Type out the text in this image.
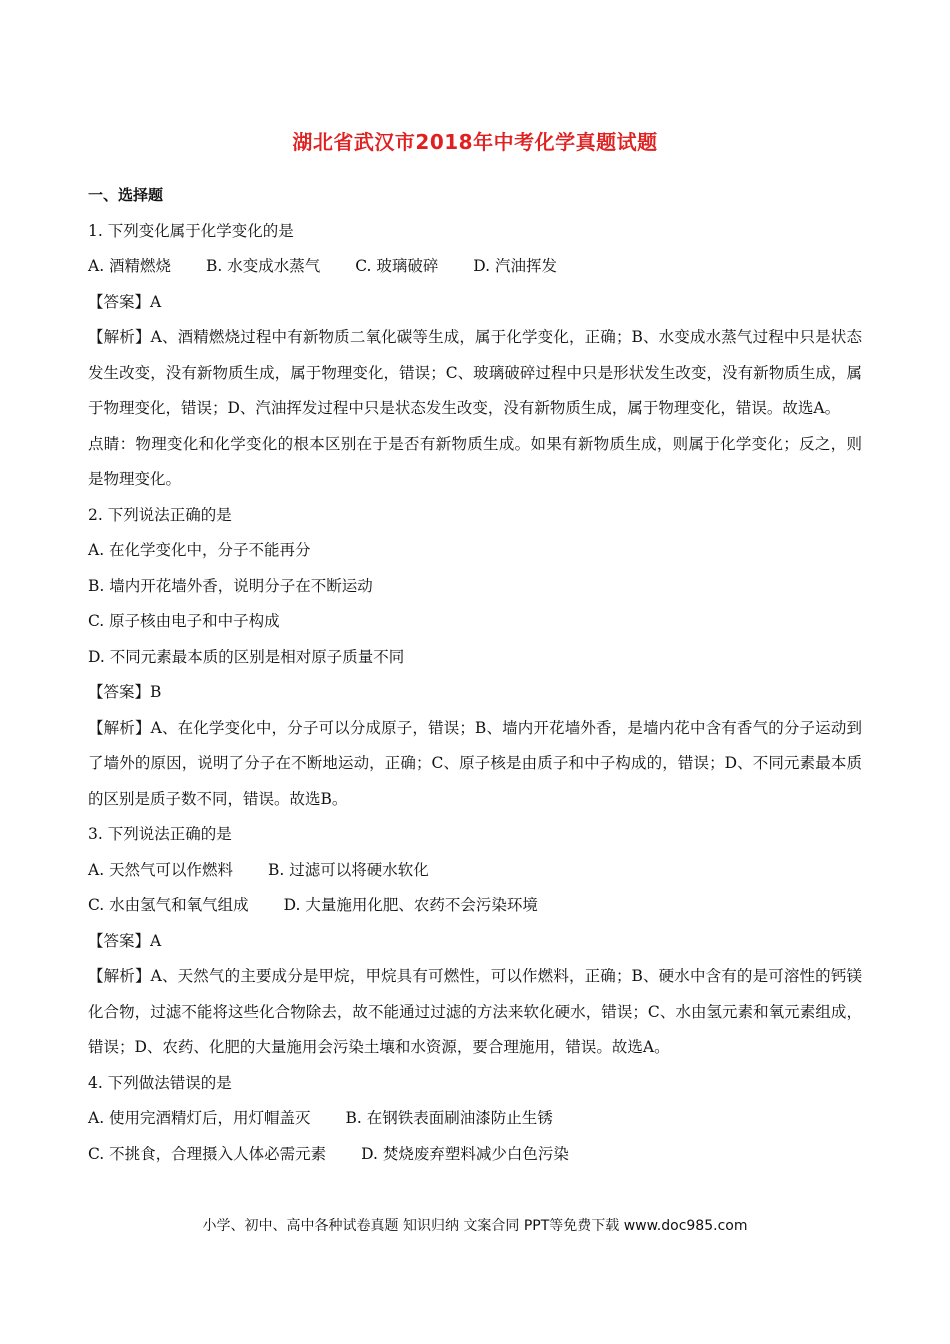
湖北省武汉市2018年中考化学真题试题

一、选择题

1. 下列变化属于化学变化的是

A. 酒精燃烧 B. 水变成水蒸气 C. 玻璃破碎 D. 汽油挥发

【答案】A

【解析】A、酒精燃烧过程中有新物质二氧化碳等生成，属于化学变化，正确；B、水变成水蒸气过程中只是状态发生改变，没有新物质生成，属于物理变化，错误；C、玻璃破碎过程中只是形状发生改变，没有新物质生成，属于物理变化，错误；D、汽油挥发过程中只是状态发生改变，没有新物质生成，属于物理变化，错误。故选A。

点睛：物理变化和化学变化的根本区别在于是否有新物质生成。如果有新物质生成，则属于化学变化；反之，则是物理变化。

2. 下列说法正确的是

A. 在化学变化中，分子不能再分

B. 墙内开花墙外香，说明分子在不断运动

C. 原子核由电子和中子构成

D. 不同元素最本质的区别是相对原子质量不同

【答案】B

【解析】A、在化学变化中，分子可以分成原子，错误；B、墙内开花墙外香，是墙内花中含有香气的分子运动到了墙外的原因，说明了分子在不断地运动，正确；C、原子核是由质子和中子构成的，错误；D、不同元素最本质的区别是质子数不同，错误。故选B。

3. 下列说法正确的是

A. 天然气可以作燃料 B. 过滤可以将硬水软化

C. 水由氢气和氧气组成 D. 大量施用化肥、农药不会污染环境

【答案】A

【解析】A、天然气的主要成分是甲烷，甲烷具有可燃性，可以作燃料，正确；B、硬水中含有的是可溶性的钙镁化合物，过滤不能将这些化合物除去，故不能通过过滤的方法来软化硬水，错误；C、水由氢元素和氧元素组成，错误；D、农药、化肥的大量施用会污染土壤和水资源，要合理施用，错误。故选A。

4. 下列做法错误的是

A. 使用完酒精灯后，用灯帽盖灭 B. 在钢铁表面刷油漆防止生锈

C. 不挑食，合理摄入人体必需元素 D. 焚烧废弃塑料减少白色污染

小学、初中、高中各种试卷真题 知识归纳 文案合同 PPT等免费下载 www.doc985.com
